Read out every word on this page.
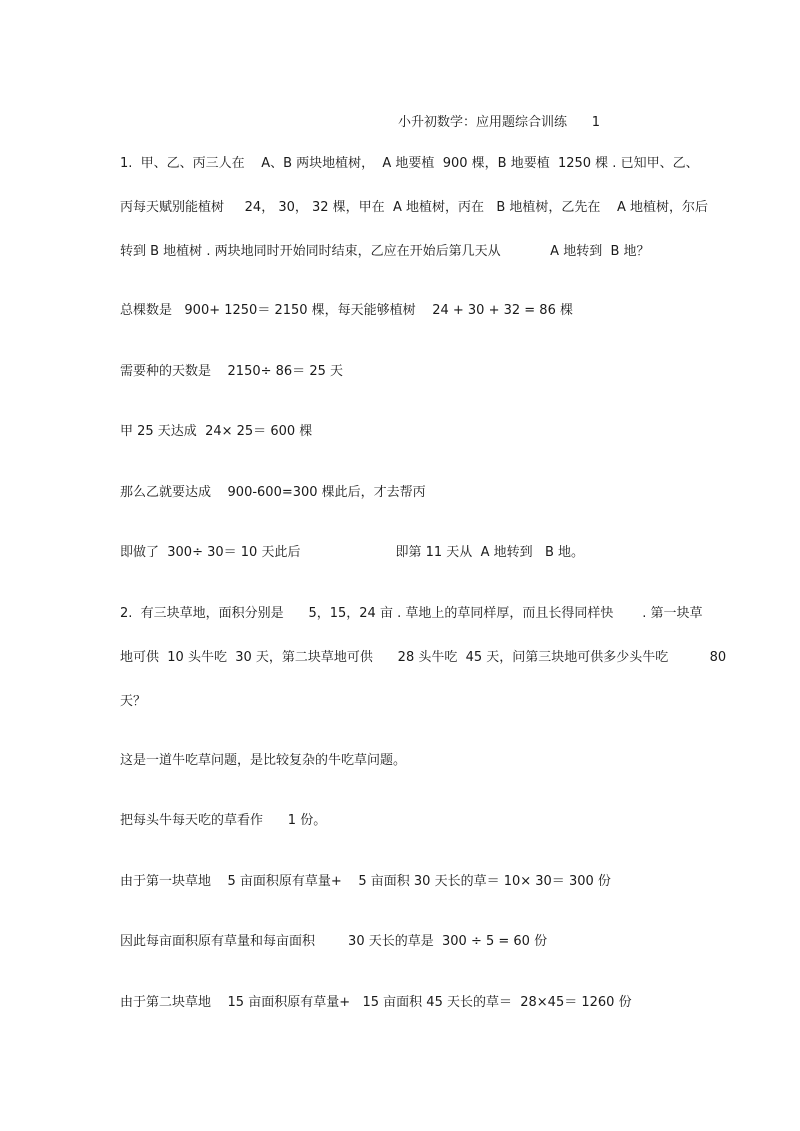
小升初数学：应用题综合训练      1
1.  甲、乙、丙三人在    A、B 两块地植树，  A 地要植  900 棵，B 地要植  1250 棵 . 已知甲、乙、
丙每天赋别能植树     24， 30， 32 棵，甲在  A 地植树，丙在   B 地植树，乙先在    A 地植树，尔后
转到 B 地植树 . 两块地同时开始同时结束，乙应在开始后第几天从            A 地转到  B 地？
总棵数是   900+ 1250＝ 2150 棵，每天能够植树    24 + 30 + 32 = 86 棵
需要种的天数是    2150÷ 86＝ 25 天
甲 25 天达成  24× 25＝ 600 棵
那么乙就要达成    900-600=300 棵此后，才去帮丙
即做了  300÷ 30＝ 10 天此后                       即第 11 天从  A 地转到   B 地。
2.  有三块草地，面积分别是      5，15，24 亩 . 草地上的草同样厚，而且长得同样快       . 第一块草
地可供  10 头牛吃  30 天，第二块草地可供      28 头牛吃  45 天，问第三块地可供多少头牛吃          80
天？
这是一道牛吃草问题，是比较复杂的牛吃草问题。
把每头牛每天吃的草看作      1 份。
由于第一块草地    5 亩面积原有草量+    5 亩面积 30 天长的草＝ 10× 30＝ 300 份
因此每亩面积原有草量和每亩面积        30 天长的草是  300 ÷ 5 = 60 份
由于第二块草地    15 亩面积原有草量+   15 亩面积 45 天长的草＝  28×45＝ 1260 份
